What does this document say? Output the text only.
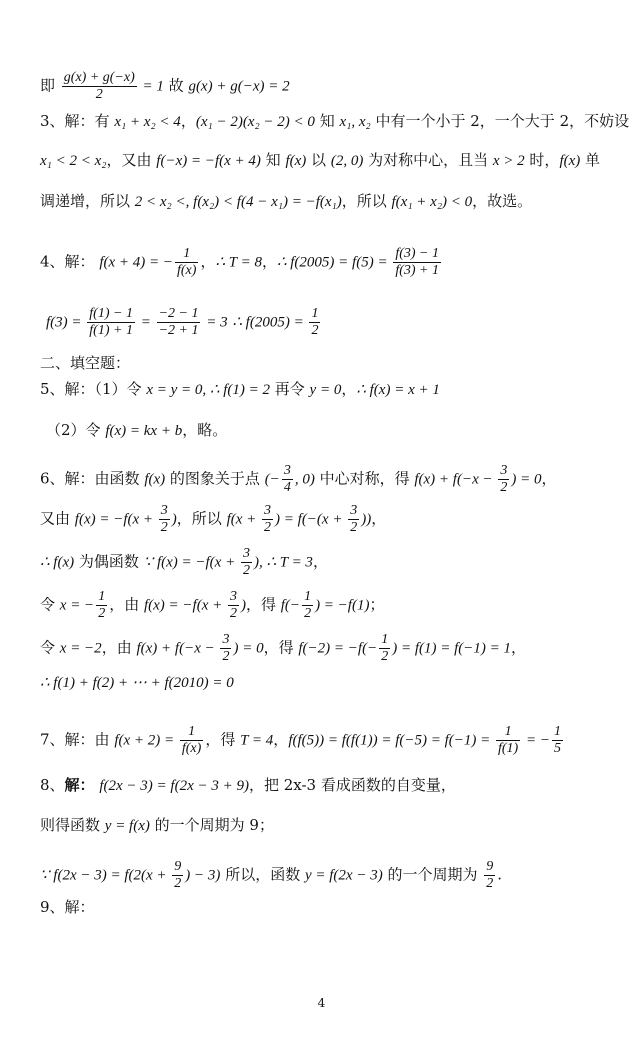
即 $\frac{g(x) + g(-x)}{2} = 1$ 故 g(x) + g(−x) = 2
3、解：有 x₁ + x₂ < 4，(x₁ − 2)(x₂ − 2) < 0 知 x₁, x₂ 中有一个小于 2，一个大于 2，不妨设
x₁ < 2 < x₂，又由 f(−x) = −f(x + 4) 知 f(x) 以 (2, 0) 为对称中心，且当 x > 2 时，f(x) 单
调递增，所以 2 < x₂ <, f(x₂) < f(4 − x₁) = −f(x₁)，所以 f(x₁ + x₂) < 0，故选。
4、解： f(x + 4) = − $\frac{1}{f(x)}$ ，∴ T = 8，∴ $f(2005) = f(5) = \frac{f(3) - 1}{f(3) + 1}$
$f(3) = \frac{f(1) - 1}{f(1) + 1} = \frac{-2 - 1}{-2 + 1} = 3$ ∴ $f(2005) = \frac{1}{2}$
二、填空题：
5、解：（1）令 x = y = 0, ∴ f(1) = 2 再令 y = 0，∴ f(x) = x + 1
（2）令 f(x) = kx + b，略。
6、解：由函数 f(x) 的图象关于点 (− $\frac{3}{4}$ , 0) 中心对称，得 $f(x) + f(-x - \frac{3}{2}$ ) = 0，
又由 $f(x) = -f(x + \frac{3}{2}$ )，所以 $f(x + \frac{3}{2}$ ) = $f(-(x + \frac{3}{2}$ ))，
∴ f(x) 为偶函数 ∵ $f(x) = -f(x + \frac{3}{2}$ ), ∴ T = 3，
令 x = − $\frac{1}{2}$ ，由 $f(x) = -f(x + \frac{3}{2}$ )，得 $f(- \frac{1}{2}$ ) = −f(1)；
令 x = −2，由 $f(x) + f(-x - \frac{3}{2}$ ) = 0，得 $f(-2) = -f(- \frac{1}{2}$ ) = f(1) = f(−1) = 1，
∴ f(1) + f(2) + ⋯ + f(2010) = 0
7、解：由 $f(x + 2) = \frac{1}{f(x)}$ ，得 T = 4，$f(f(5)) = f(f(1)) = f(-5) = f(-1) = \frac{1}{f(1)}$ = − $\frac{1}{5}$
8、解： f(2x − 3) = f(2x − 3 + 9)，把 2x-3 看成函数的自变量，
则得函数 y = f(x) 的一个周期为 9；
∵ $f(2x - 3) = f(2(x + \frac{9}{2}$ ) − 3) 所以，函数 y = f(2x − 3) 的一个周期为 $\frac{9}{2}$ .
9、解：
4
